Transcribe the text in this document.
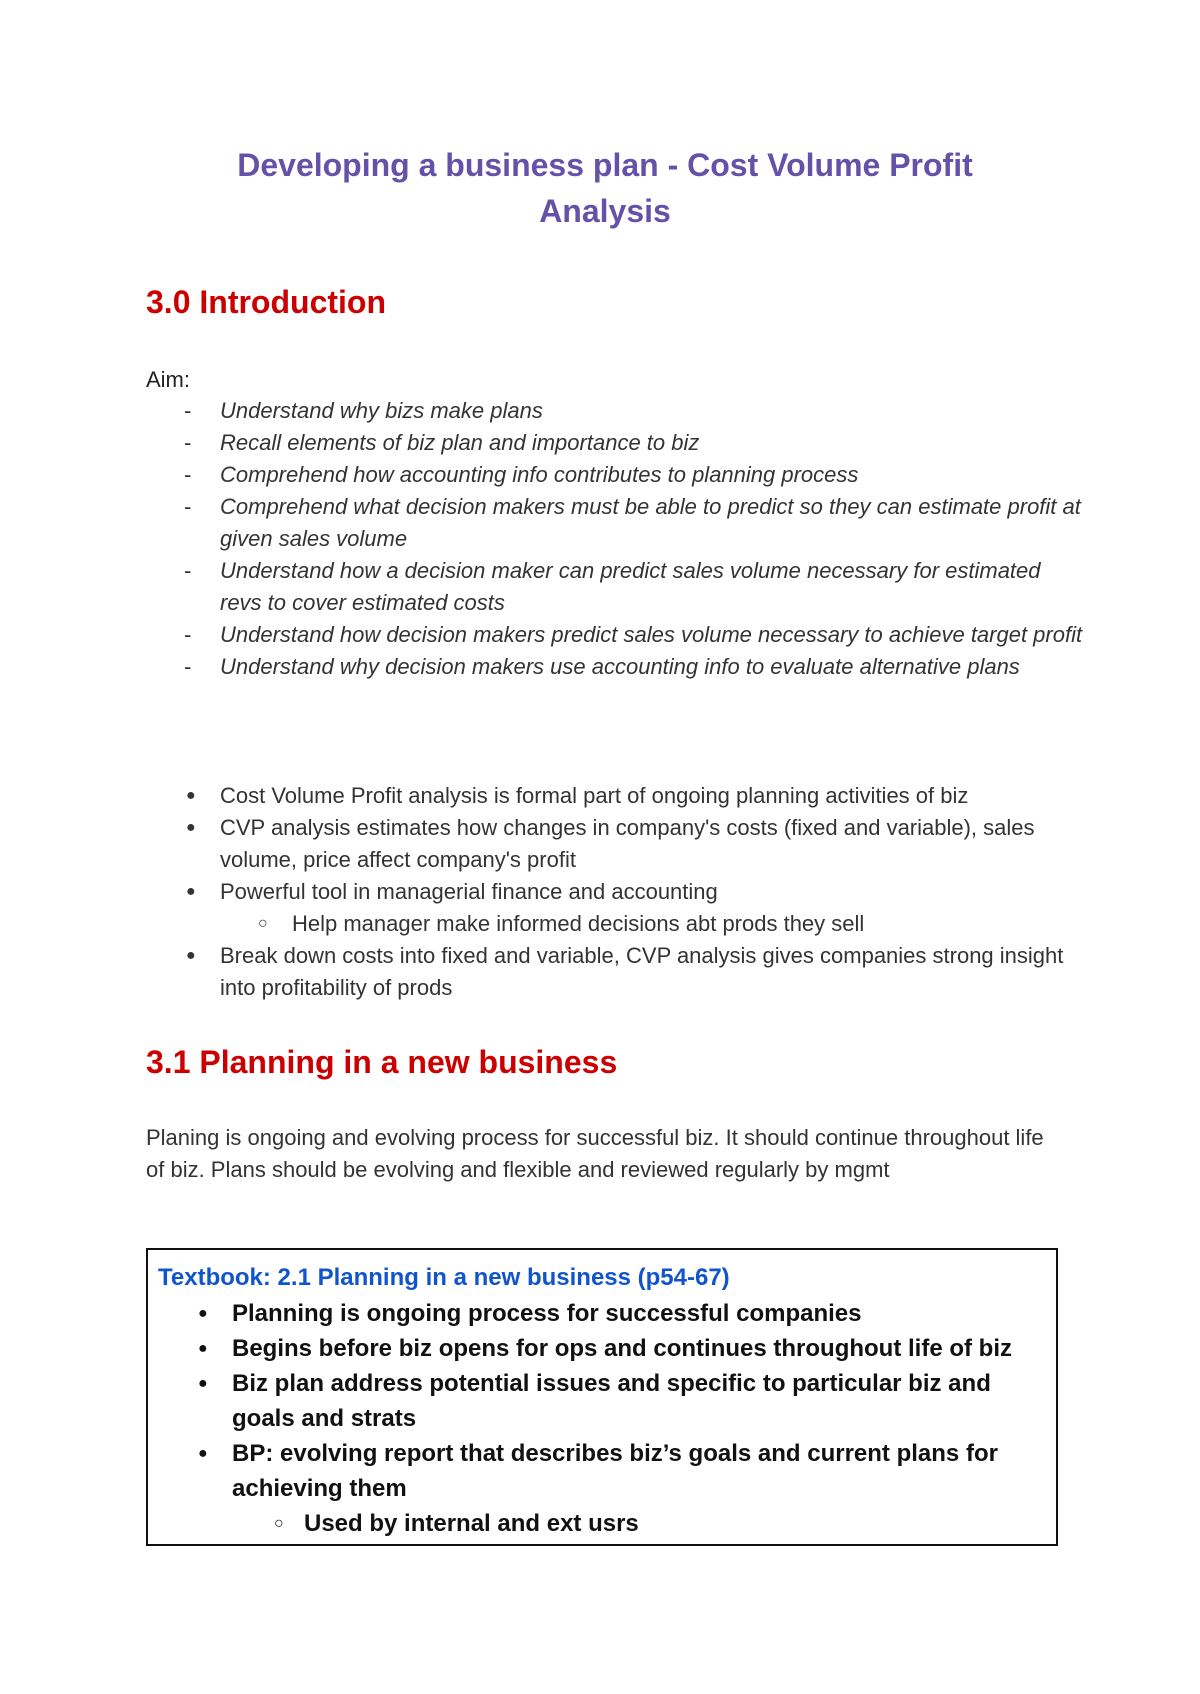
Developing a business plan - Cost Volume Profit
Analysis
3.0 Introduction
Aim:
- Understand why bizs make plans
- Recall elements of biz plan and importance to biz
- Comprehend how accounting info contributes to planning process
- Comprehend what decision makers must be able to predict so they can estimate profit at given sales volume
- Understand how a decision maker can predict sales volume necessary for estimated revs to cover estimated costs
- Understand how decision makers predict sales volume necessary to achieve target profit
- Understand why decision makers use accounting info to evaluate alternative plans
● Cost Volume Profit analysis is formal part of ongoing planning activities of biz
● CVP analysis estimates how changes in company's costs (fixed and variable), sales volume, price affect company's profit
● Powerful tool in managerial finance and accounting
○ Help manager make informed decisions abt prods they sell
● Break down costs into fixed and variable, CVP analysis gives companies strong insight into profitability of prods
3.1 Planning in a new business

Planing is ongoing and evolving process for successful biz. It should continue throughout life of biz. Plans should be evolving and flexible and reviewed regularly by mgmt

Textbook: 2.1 Planning in a new business (p54-67)
● Planning is ongoing process for successful companies
● Begins before biz opens for ops and continues throughout life of biz
● Biz plan address potential issues and specific to particular biz and goals and strats
● BP: evolving report that describes biz’s goals and current plans for achieving them
○ Used by internal and ext usrs
